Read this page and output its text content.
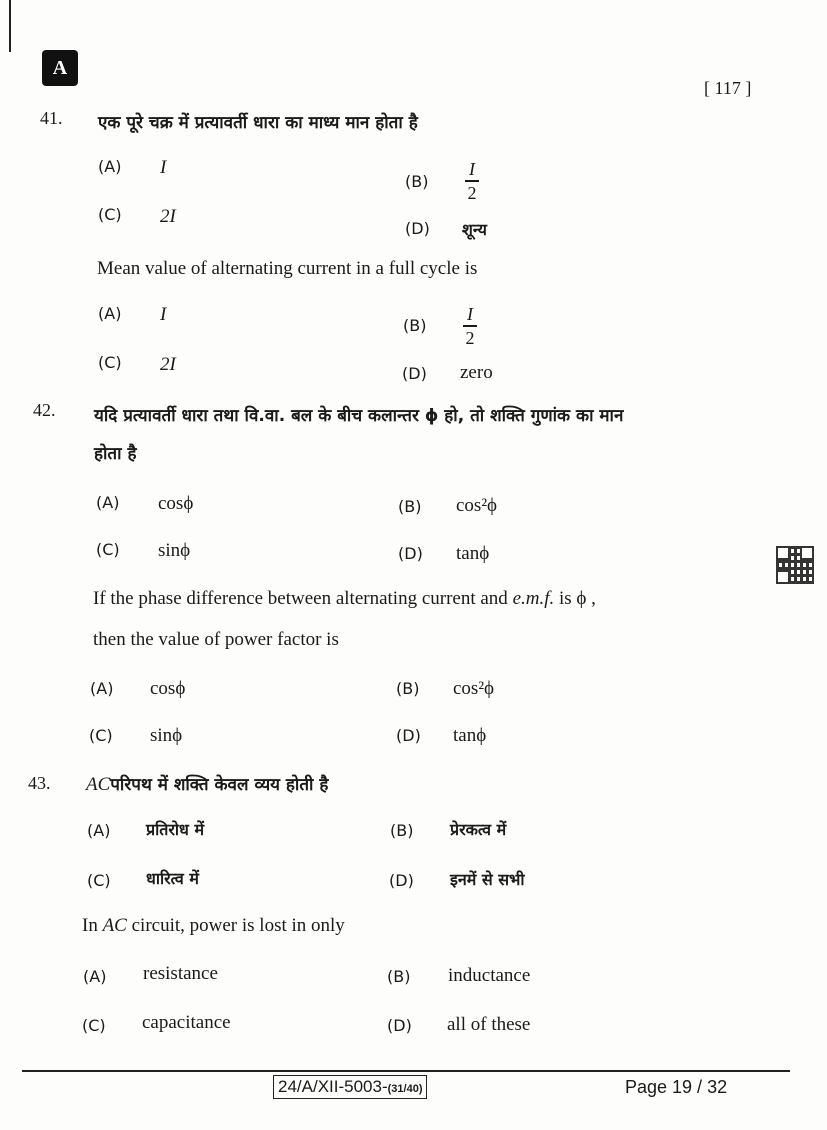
A
[ 117 ]
41. एक पूरे चक्र में प्रत्यावर्ती धारा का माध्य मान होता है
(A) I
$(B) \frac{I}{2}$
(C) 2I
(D) शून्य
Mean value of alternating current in a full cycle is
(A) I
$(B) \frac{I}{2}$
(C) 2I	(D) zero
42. यदि प्रत्यावर्ती धारा तथा वि.वा. बल के बीच कलान्तर ϕ हो, तो शक्ति गुणांक का मान
होता है
(A) cosϕ	(B) cos²ϕ
(C) sinϕ	(D) tanϕ
If the phase difference between alternating current and e.m.f. is ϕ ,
then the value of power factor is
(A) cosϕ	(B) cos²ϕ
(C) sinϕ	(D) tanϕ
43. ACपरिपथ में शक्ति केवल व्यय होती है
(A) प्रतिरोध में	(B) प्रेरकत्व में
(C) धारित्व में	(D) इनमें से सभी
In AC circuit, power is lost in only
(A) resistance	(B) inductance
(C) capacitance	(D) all of these
24/A/XII-5003-(31/40)	Page 19 / 32
